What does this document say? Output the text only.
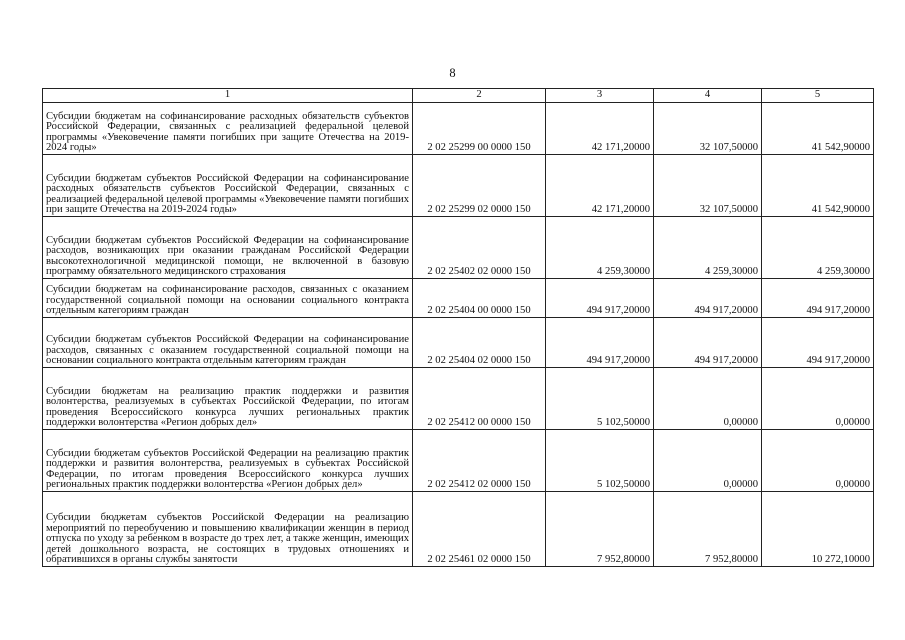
8
1	2	3	4	5
Субсидии бюджетам на софинансирование расходных обязательств субъектов Российской Федерации, связанных с реализацией федеральной целевой программы «Увековечение памяти погибших при защите Отечества на 2019-2024 годы»	2 02 25299 00 0000 150	42 171,20000	32 107,50000	41 542,90000
Субсидии бюджетам субъектов Российской Федерации на софинансирование расходных обязательств субъектов Российской Федерации, связанных с реализацией федеральной целевой программы «Увековечение памяти погибших при защите Отечества на 2019-2024 годы»	2 02 25299 02 0000 150	42 171,20000	32 107,50000	41 542,90000
Субсидии бюджетам субъектов Российской Федерации на софинансирование расходов, возникающих при оказании гражданам Российской Федерации высокотехнологичной медицинской помощи, не включенной в базовую программу обязательного медицинского страхования	2 02 25402 02 0000 150	4 259,30000	4 259,30000	4 259,30000
Субсидии бюджетам на софинансирование расходов, связанных с оказанием государственной социальной помощи на основании социального контракта отдельным категориям граждан	2 02 25404 00 0000 150	494 917,20000	494 917,20000	494 917,20000
Субсидии бюджетам субъектов Российской Федерации на софинансирование расходов, связанных с оказанием государственной социальной помощи на основании социального контракта отдельным категориям граждан	2 02 25404 02 0000 150	494 917,20000	494 917,20000	494 917,20000
Субсидии бюджетам на реализацию практик поддержки и развития волонтерства, реализуемых в субъектах Российской Федерации, по итогам проведения Всероссийского конкурса лучших региональных практик поддержки волонтерства «Регион добрых дел»	2 02 25412 00 0000 150	5 102,50000	0,00000	0,00000
Субсидии бюджетам субъектов Российской Федерации на реализацию практик поддержки и развития волонтерства, реализуемых в субъектах Российской Федерации, по итогам проведения Всероссийского конкурса лучших региональных практик поддержки волонтерства «Регион добрых дел»	2 02 25412 02 0000 150	5 102,50000	0,00000	0,00000
Субсидии бюджетам субъектов Российской Федерации на реализацию мероприятий по переобучению и повышению квалификации женщин в период отпуска по уходу за ребенком в возрасте до трех лет, а также женщин, имеющих детей дошкольного возраста, не состоящих в трудовых отношениях и обратившихся в органы службы занятости	2 02 25461 02 0000 150	7 952,80000	7 952,80000	10 272,10000
